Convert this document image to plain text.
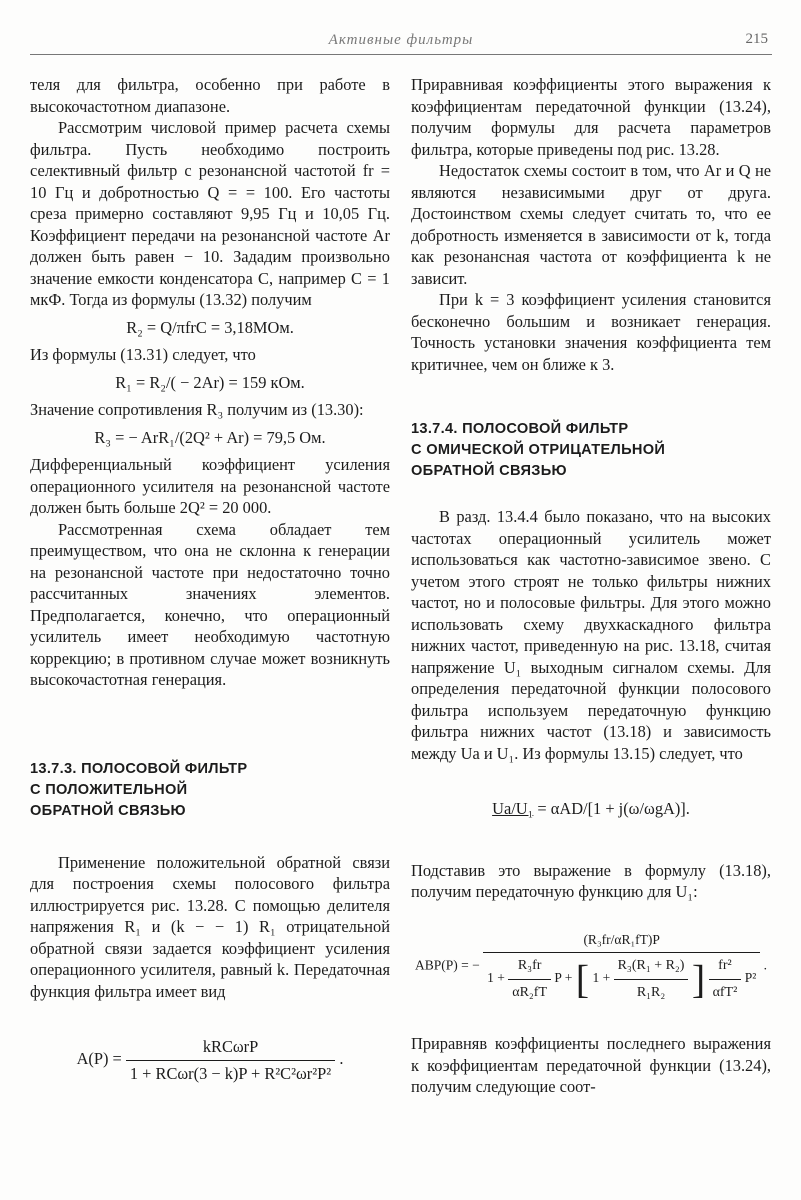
Активные фильтры	215

теля для фильтра, особенно при работе в высокочастотном диапазоне.

Рассмотрим числовой пример расчета схемы фильтра. Пусть необходимо построить селективный фильтр с резонансной частотой fr = 10 Гц и добротностью Q = = 100. Его частоты среза примерно составляют 9,95 Гц и 10,05 Гц. Коэффициент передачи на резонансной частоте Ar должен быть равен − 10. Зададим произвольно значение емкости конденсатора C, например C = 1 мкФ. Тогда из формулы (13.32) получим

R₂ = Q/πfrC = 3,18МОм.

Из формулы (13.31) следует, что

R₁ = R₂/( − 2Ar) = 159 кОм.

Значение сопротивления R₃ получим из (13.30):

R₃ = − ArR₁/(2Q² + Ar) = 79,5 Ом.

Дифференциальный коэффициент усиления операционного усилителя на резонансной частоте должен быть больше 2Q² = 20 000.

Рассмотренная схема обладает тем преимуществом, что она не склонна к генерации на резонансной частоте при недостаточно точно рассчитанных значениях элементов. Предполагается, конечно, что операционный усилитель имеет необходимую частотную коррекцию; в противном случае может возникнуть высокочастотная генерация.

13.7.3. ПОЛОСОВОЙ ФИЛЬТР
С ПОЛОЖИТЕЛЬНОЙ
ОБРАТНОЙ СВЯЗЬЮ

Применение положительной обратной связи для построения схемы полосового фильтра иллюстрируется рис. 13.28. С помощью делителя напряжения R₁ и (k − − 1) R₁ отрицательной обратной связи задается коэффициент усиления операционного усилителя, равный k. Передаточная функция фильтра имеет вид

$A(P) = \frac{\text{kRCωrP}}{\text{1 + RCωr(3 − k)P + R²C²ωr²P²}}$ .

Приравнивая коэффициенты этого выражения к коэффициентам передаточной функции (13.24), получим формулы для расчета параметров фильтра, которые приведены под рис. 13.28.

Недостаток схемы состоит в том, что Ar и Q не являются независимыми друг от друга. Достоинством схемы следует считать то, что ее добротность изменяется в зависимости от k, тогда как резонансная частота от коэффициента k не зависит.

При k = 3 коэффициент усиления становится бесконечно большим и возникает генерация. Точность установки значения коэффициента тем критичнее, чем он ближе к 3.

13.7.4. ПОЛОСОВОЙ ФИЛЬТР
С ОМИЧЕСКОЙ ОТРИЦАТЕЛЬНОЙ
ОБРАТНОЙ СВЯЗЬЮ

В разд. 13.4.4 было показано, что на высоких частотах операционный усилитель может использоваться как частотно-зависимое звено. С учетом этого строят не только фильтры нижних частот, но и полосовые фильтры. Для этого можно использовать схему двухкаскадного фильтра нижних частот, приведенную на рис. 13.18, считая напряжение U₁ выходным сигналом схемы. Для определения передаточной функции полосового фильтра используем передаточную функцию фильтра нижних частот (13.18) и зависимость между Ua и U₁. Из формулы 13.15) следует, что

Ua/U₁ = αAD/[1 + j(ω/ωgA)].

Подставив это выражение в формулу (13.18), получим передаточную функцию для U₁:

ABP(P) = −
(R₃fr/αR₁fT)P
$1 + \frac{\text{R₃fr}}{\text{αR₂fT}}$ P + [ $1 + \frac{\text{R₃(R₁ + R₂)}}{\text{R₁R₂}}$ ] $\frac{\text{fr²}}{\text{αfT²}} P^2$
.

Приравняв коэффициенты последнего выражения к коэффициентам передаточной функции (13.24), получим следующие соот-
